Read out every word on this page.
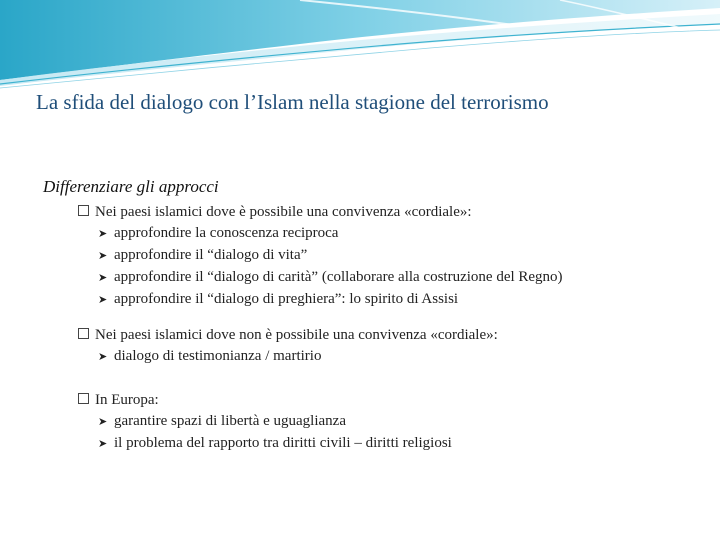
La sfida del dialogo con l’Islam nella stagione del terrorismo
Differenziare gli approcci
Nei paesi islamici dove è possibile una convivenza «cordiale»:
➤ approfondire la conoscenza reciproca
➤ approfondire il “dialogo di vita”
➤ approfondire il “dialogo di carità” (collaborare alla costruzione del Regno)
➤ approfondire il “dialogo di preghiera”: lo spirito di Assisi
Nei paesi islamici dove non è possibile una convivenza «cordiale»:
➤ dialogo di testimonianza / martirio
In Europa:
➤ garantire spazi di libertà e uguaglianza
➤ il problema del rapporto tra diritti civili – diritti religiosi
